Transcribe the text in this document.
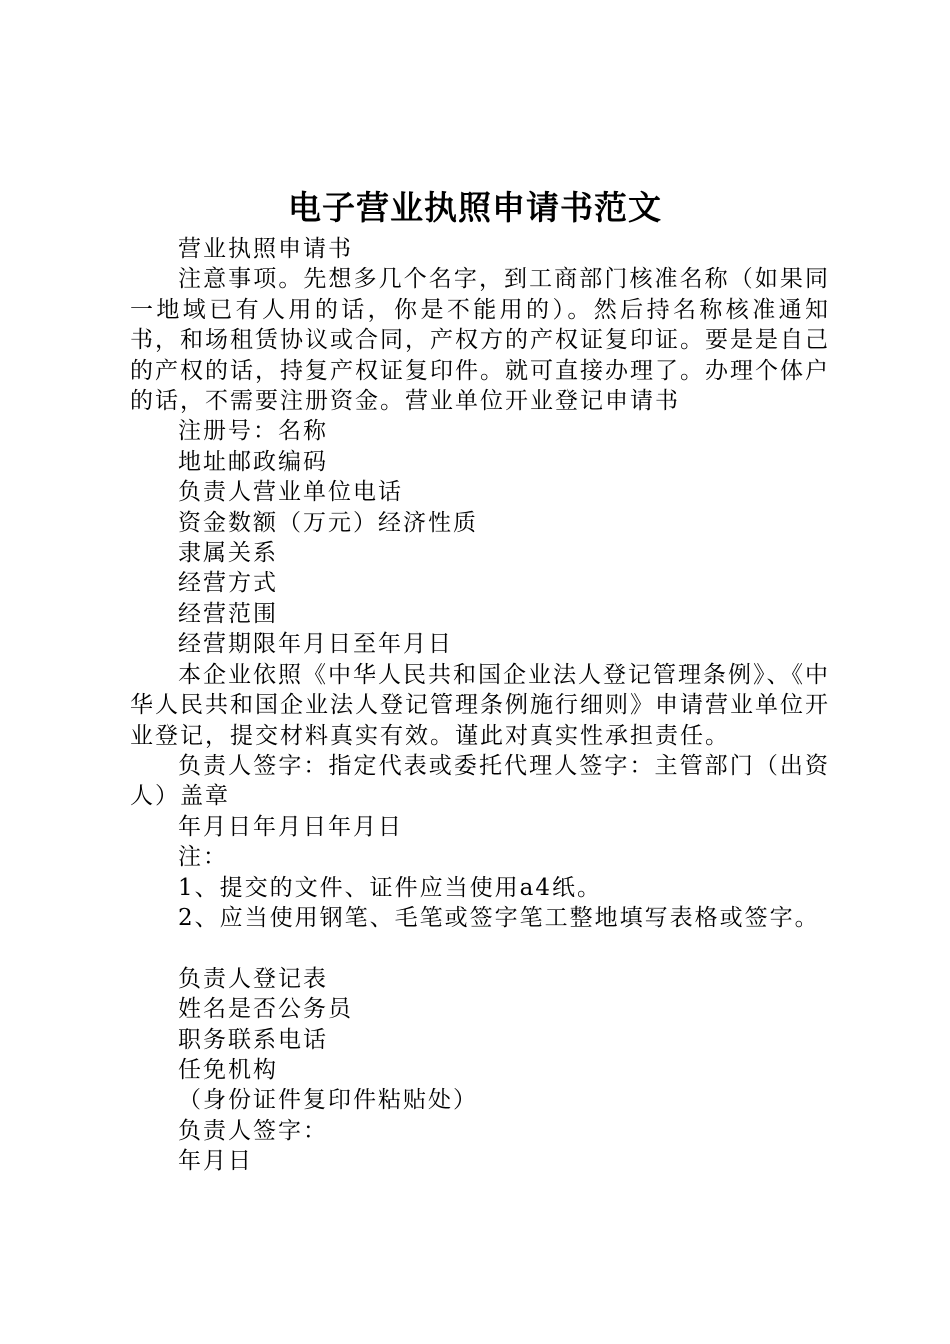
电子营业执照申请书范文

营业执照申请书

注意事项。先想多几个名字，到工商部门核准名称（如果同一地域已有人用的话，你是不能用的）。然后持名称核准通知书，和场租赁协议或合同，产权方的产权证复印证。要是是自己的产权的话，持复产权证复印件。就可直接办理了。办理个体户的话，不需要注册资金。营业单位开业登记申请书

注册号：名称

地址邮政编码

负责人营业单位电话

资金数额（万元）经济性质

隶属关系

经营方式

经营范围

经营期限年月日至年月日

本企业依照《中华人民共和国企业法人登记管理条例》、《中华人民共和国企业法人登记管理条例施行细则》申请营业单位开业登记，提交材料真实有效。谨此对真实性承担责任。

负责人签字：指定代表或委托代理人签字：主管部门（出资人）盖章

年月日年月日年月日

注：

1、提交的文件、证件应当使用a4纸。

2、应当使用钢笔、毛笔或签字笔工整地填写表格或签字。

负责人登记表

姓名是否公务员

职务联系电话

任免机构

（身份证件复印件粘贴处）

负责人签字：

年月日
